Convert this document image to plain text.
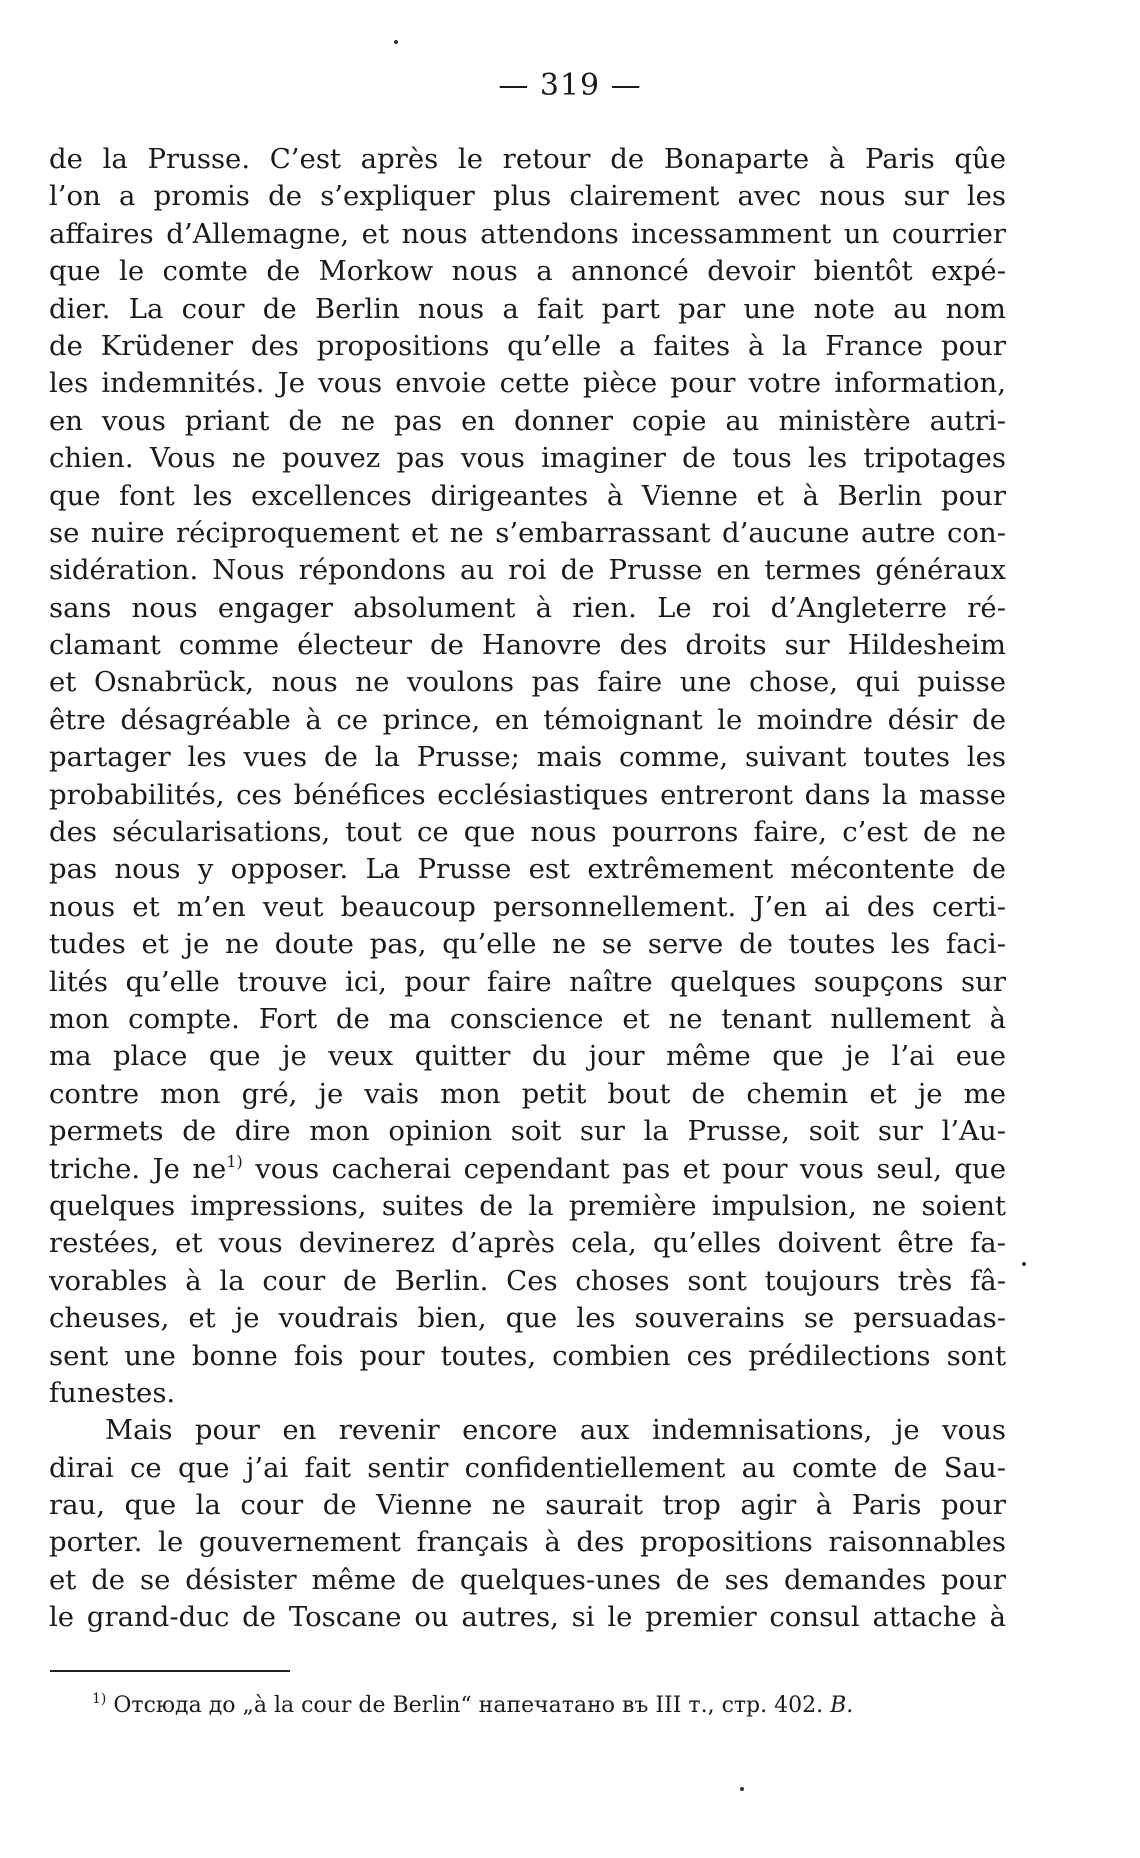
— 319 —
de la Prusse. C’est après le retour de Bonaparte à Paris qûe
l’on a promis de s’expliquer plus clairement avec nous sur les
affaires d’Allemagne, et nous attendons incessamment un courrier
que le comte de Morkow nous a annoncé devoir bientôt expé-
dier. La cour de Berlin nous a fait part par une note au nom
de Krüdener des propositions qu’elle a faites à la France pour
les indemnités. Je vous envoie cette pièce pour votre information,
en vous priant de ne pas en donner copie au ministère autri-
chien. Vous ne pouvez pas vous imaginer de tous les tripotages
que font les excellences dirigeantes à Vienne et à Berlin pour
se nuire réciproquement et ne s’embarrassant d’aucune autre con-
sidération. Nous répondons au roi de Prusse en termes généraux
sans nous engager absolument à rien. Le roi d’Angleterre ré-
clamant comme électeur de Hanovre des droits sur Hildesheim
et Osnabrück, nous ne voulons pas faire une chose, qui puisse
être désagréable à ce prince, en témoignant le moindre désir de
partager les vues de la Prusse; mais comme, suivant toutes les
probabilités, ces bénéfices ecclésiastiques entreront dans la masse
des sécularisations, tout ce que nous pourrons faire, c’est de ne
pas nous y opposer. La Prusse est extrêmement mécontente de
nous et m’en veut beaucoup personnellement. J’en ai des certi-
tudes et je ne doute pas, qu’elle ne se serve de toutes les faci-
lités qu’elle trouve ici, pour faire naître quelques soupçons sur
mon compte. Fort de ma conscience et ne tenant nullement à
ma place que je veux quitter du jour même que je l’ai eue
contre mon gré, je vais mon petit bout de chemin et je me
permets de dire mon opinion soit sur la Prusse, soit sur l’Au-
triche. Je ne$^{1)}$ vous cacherai cependant pas et pour vous seul, que
quelques impressions, suites de la première impulsion, ne soient
restées, et vous devinerez d’après cela, qu’elles doivent être fa-
vorables à la cour de Berlin. Ces choses sont toujours très fâ-
cheuses, et je voudrais bien, que les souverains se persuadas-
sent une bonne fois pour toutes, combien ces prédilections sont
funestes.
Mais pour en revenir encore aux indemnisations, je vous
dirai ce que j’ai fait sentir confidentiellement au comte de Sau-
rau, que la cour de Vienne ne saurait trop agir à Paris pour
porter. le gouvernement français à des propositions raisonnables
et de se désister même de quelques-unes de ses demandes pour
le grand-duc de Toscane ou autres, si le premier consul attache à
$^{1)}$ Отсюда до „à la cour de Berlin“ напечатано въ III т., стр. 402. B.
